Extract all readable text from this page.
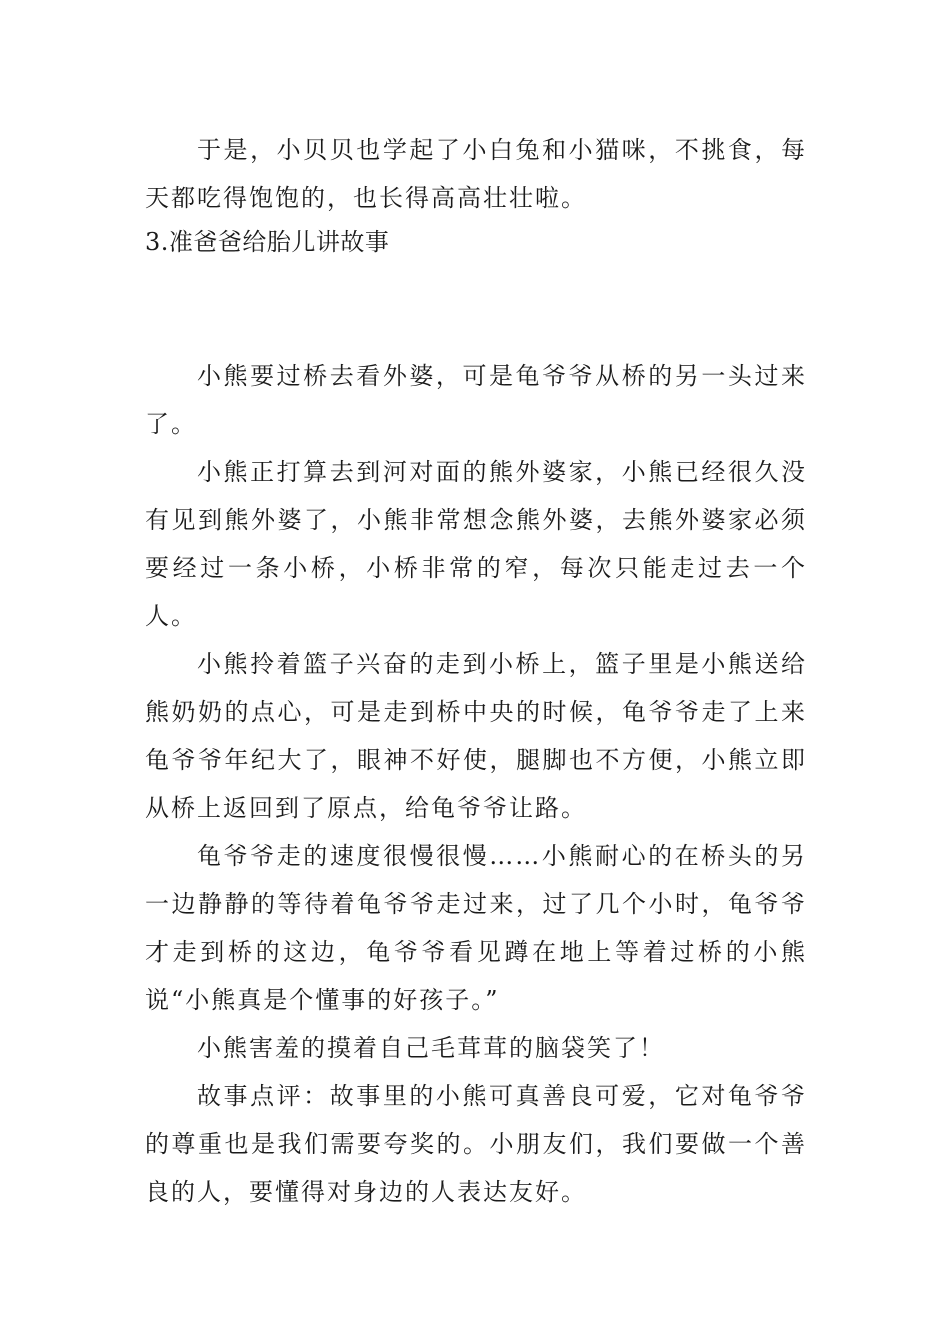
于是，小贝贝也学起了小白兔和小猫咪，不挑食，每天都吃得饱饱的，也长得高高壮壮啦。

3.准爸爸给胎儿讲故事

小熊要过桥去看外婆，可是龟爷爷从桥的另一头过来了。

小熊正打算去到河对面的熊外婆家，小熊已经很久没有见到熊外婆了，小熊非常想念熊外婆，去熊外婆家必须要经过一条小桥，小桥非常的窄，每次只能走过去一个人。

小熊拎着篮子兴奋的走到小桥上，篮子里是小熊送给熊奶奶的点心，可是走到桥中央的时候，龟爷爷走了上来龟爷爷年纪大了，眼神不好使，腿脚也不方便，小熊立即从桥上返回到了原点，给龟爷爷让路。

龟爷爷走的速度很慢很慢……小熊耐心的在桥头的另一边静静的等待着龟爷爷走过来，过了几个小时，龟爷爷才走到桥的这边，龟爷爷看见蹲在地上等着过桥的小熊说“小熊真是个懂事的好孩子。”

小熊害羞的摸着自己毛茸茸的脑袋笑了！

故事点评：故事里的小熊可真善良可爱，它对龟爷爷的尊重也是我们需要夸奖的。小朋友们，我们要做一个善良的人，要懂得对身边的人表达友好。
